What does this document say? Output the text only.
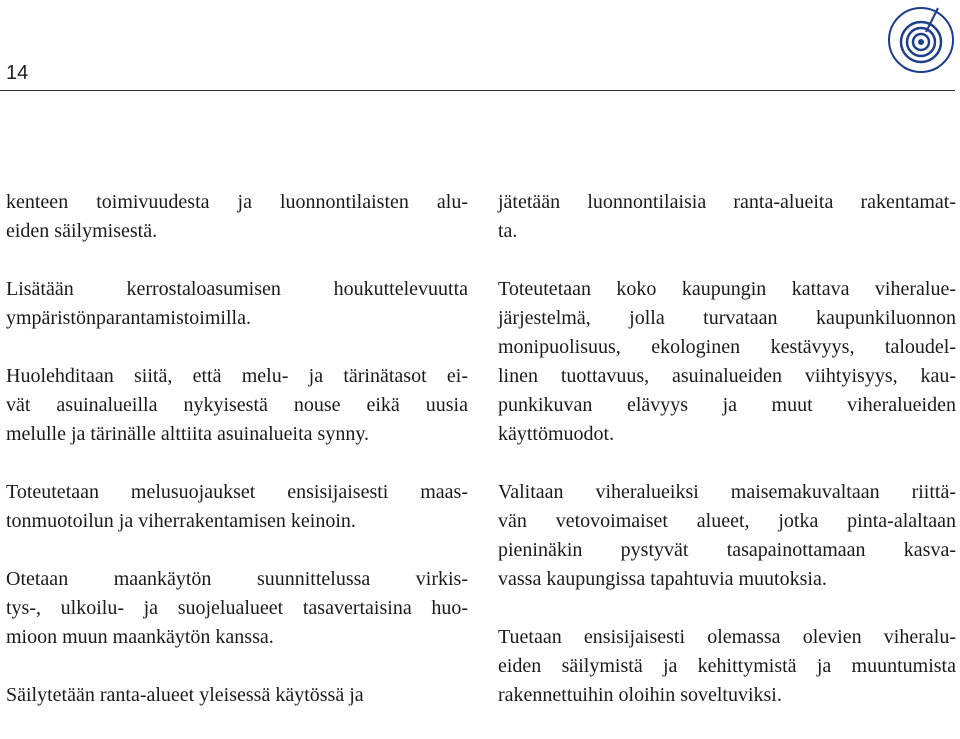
14

kenteen toimivuudesta ja luonnontilaisten alu-
eiden säilymisestä.

Lisätään kerrostaloasumisen houkuttelevuutta
ympäristönparantamistoimilla.

Huolehditaan siitä, että melu- ja tärinätasot ei-
vät asuinalueilla nykyisestä nouse eikä uusia
melulle ja tärinälle alttiita asuinalueita synny.

Toteutetaan melusuojaukset ensisijaisesti maas-
tonmuotoilun ja viherrakentamisen keinoin.

Otetaan maankäytön suunnittelussa virkis-
tys-, ulkoilu- ja suojelualueet tasavertaisina huo-
mioon muun maankäytön kanssa.

Säilytetään ranta-alueet yleisessä käytössä ja

jätetään luonnontilaisia ranta-alueita rakentamat-
ta.

Toteutetaan koko kaupungin kattava viheralue-
järjestelmä, jolla turvataan kaupunkiluonnon
monipuolisuus, ekologinen kestävyys, taloudel-
linen tuottavuus, asuinalueiden viihtyisyys, kau-
punkikuvan elävyys ja muut viheralueiden
käyttömuodot.

Valitaan viheralueiksi maisemakuvaltaan riittä-
vän vetovoimaiset alueet, jotka pinta-alaltaan
pieninäkin pystyvät tasapainottamaan kasva-
vassa kaupungissa tapahtuvia muutoksia.

Tuetaan ensisijaisesti olemassa olevien viheralu-
eiden säilymistä ja kehittymistä ja muuntumista
rakennettuihin oloihin soveltuviksi.
